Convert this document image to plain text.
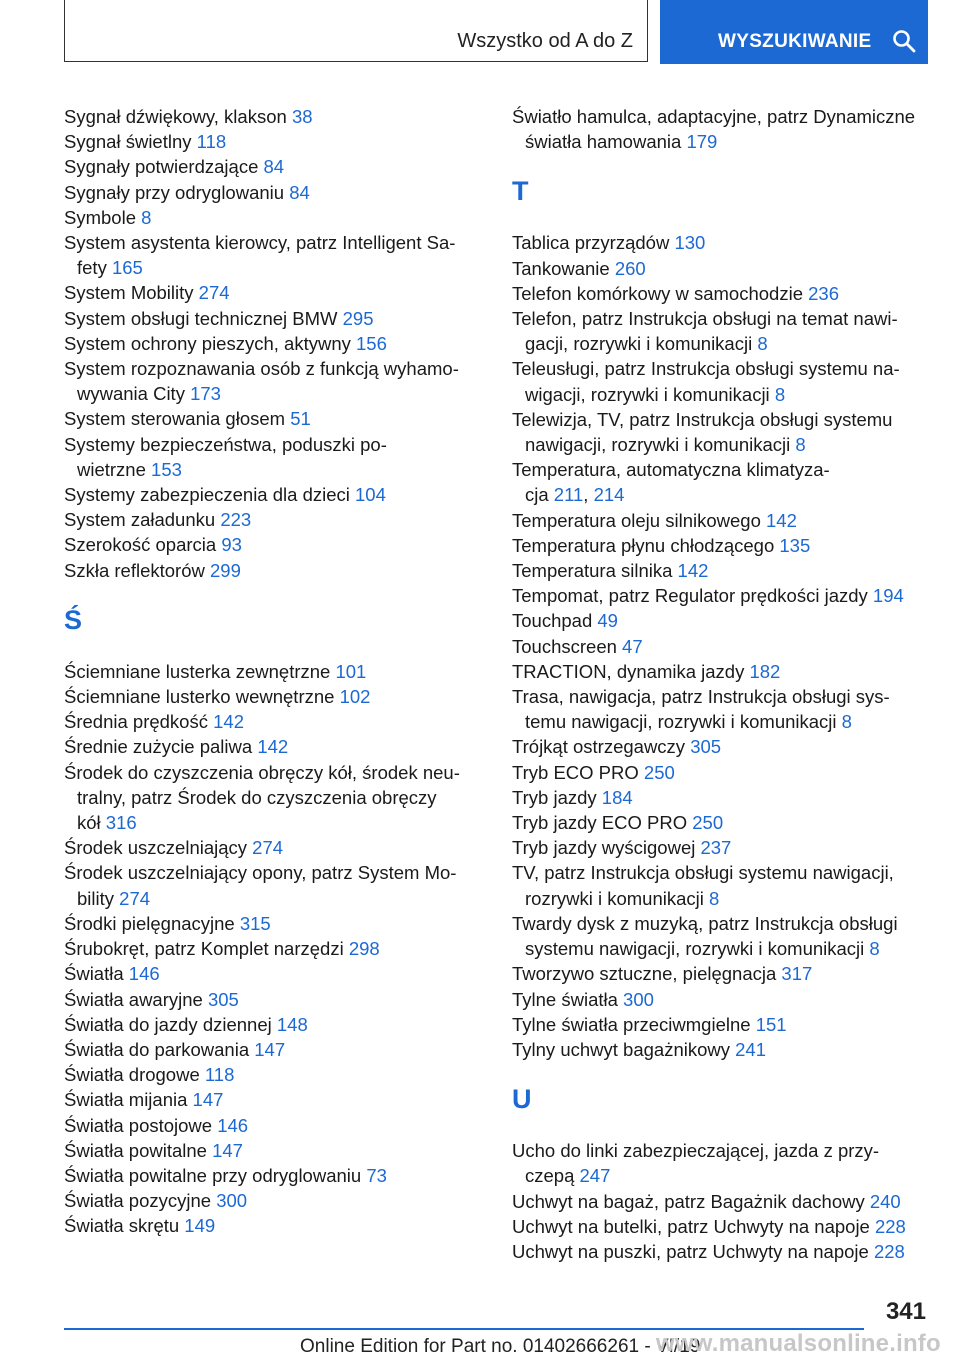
Wszystko od A do Z	WYSZUKIWANIE
Sygnał dźwiękowy, klakson 38
Sygnał świetlny 118
Sygnały potwierdzające 84
Sygnały przy odryglowaniu 84
Symbole 8
System asystenta kierowcy, patrz Intelligent Sa-
fety 165
System Mobility 274
System obsługi technicznej BMW 295
System ochrony pieszych, aktywny 156
System rozpoznawania osób z funkcją wyhamo-
wywania City 173
System sterowania głosem 51
Systemy bezpieczeństwa, poduszki po-
wietrzne 153
Systemy zabezpieczenia dla dzieci 104
System załadunku 223
Szerokość oparcia 93
Szkła reflektorów 299
Ś
Ściemniane lusterka zewnętrzne 101
Ściemniane lusterko wewnętrzne 102
Średnia prędkość 142
Średnie zużycie paliwa 142
Środek do czyszczenia obręczy kół, środek neu-
tralny, patrz Środek do czyszczenia obręczy
kół 316
Środek uszczelniający 274
Środek uszczelniający opony, patrz System Mo-
bility 274
Środki pielęgnacyjne 315
Śrubokręt, patrz Komplet narzędzi 298
Światła 146
Światła awaryjne 305
Światła do jazdy dziennej 148
Światła do parkowania 147
Światła drogowe 118
Światła mijania 147
Światła postojowe 146
Światła powitalne 147
Światła powitalne przy odryglowaniu 73
Światła pozycyjne 300
Światła skrętu 149
Światło hamulca, adaptacyjne, patrz Dynamiczne
światła hamowania 179
T
Tablica przyrządów 130
Tankowanie 260
Telefon komórkowy w samochodzie 236
Telefon, patrz Instrukcja obsługi na temat nawi-
gacji, rozrywki i komunikacji 8
Teleusługi, patrz Instrukcja obsługi systemu na-
wigacji, rozrywki i komunikacji 8
Telewizja, TV, patrz Instrukcja obsługi systemu
nawigacji, rozrywki i komunikacji 8
Temperatura, automatyczna klimatyza-
cja 211, 214
Temperatura oleju silnikowego 142
Temperatura płynu chłodzącego 135
Temperatura silnika 142
Tempomat, patrz Regulator prędkości jazdy 194
Touchpad 49
Touchscreen 47
TRACTION, dynamika jazdy 182
Trasa, nawigacja, patrz Instrukcja obsługi sys-
temu nawigacji, rozrywki i komunikacji 8
Trójkąt ostrzegawczy 305
Tryb ECO PRO 250
Tryb jazdy 184
Tryb jazdy ECO PRO 250
Tryb jazdy wyścigowej 237
TV, patrz Instrukcja obsługi systemu nawigacji,
rozrywki i komunikacji 8
Twardy dysk z muzyką, patrz Instrukcja obsługi
systemu nawigacji, rozrywki i komunikacji 8
Tworzywo sztuczne, pielęgnacja 317
Tylne światła 300
Tylne światła przeciwmgielne 151
Tylny uchwyt bagażnikowy 241
U
Ucho do linki zabezpieczającej, jazda z przy-
czepą 247
Uchwyt na bagaż, patrz Bagażnik dachowy 240
Uchwyt na butelki, patrz Uchwyty na napoje 228
Uchwyt na puszki, patrz Uchwyty na napoje 228
341
Online Edition for Part no. 01402666261 - VI/19
www.manualsonline.info
